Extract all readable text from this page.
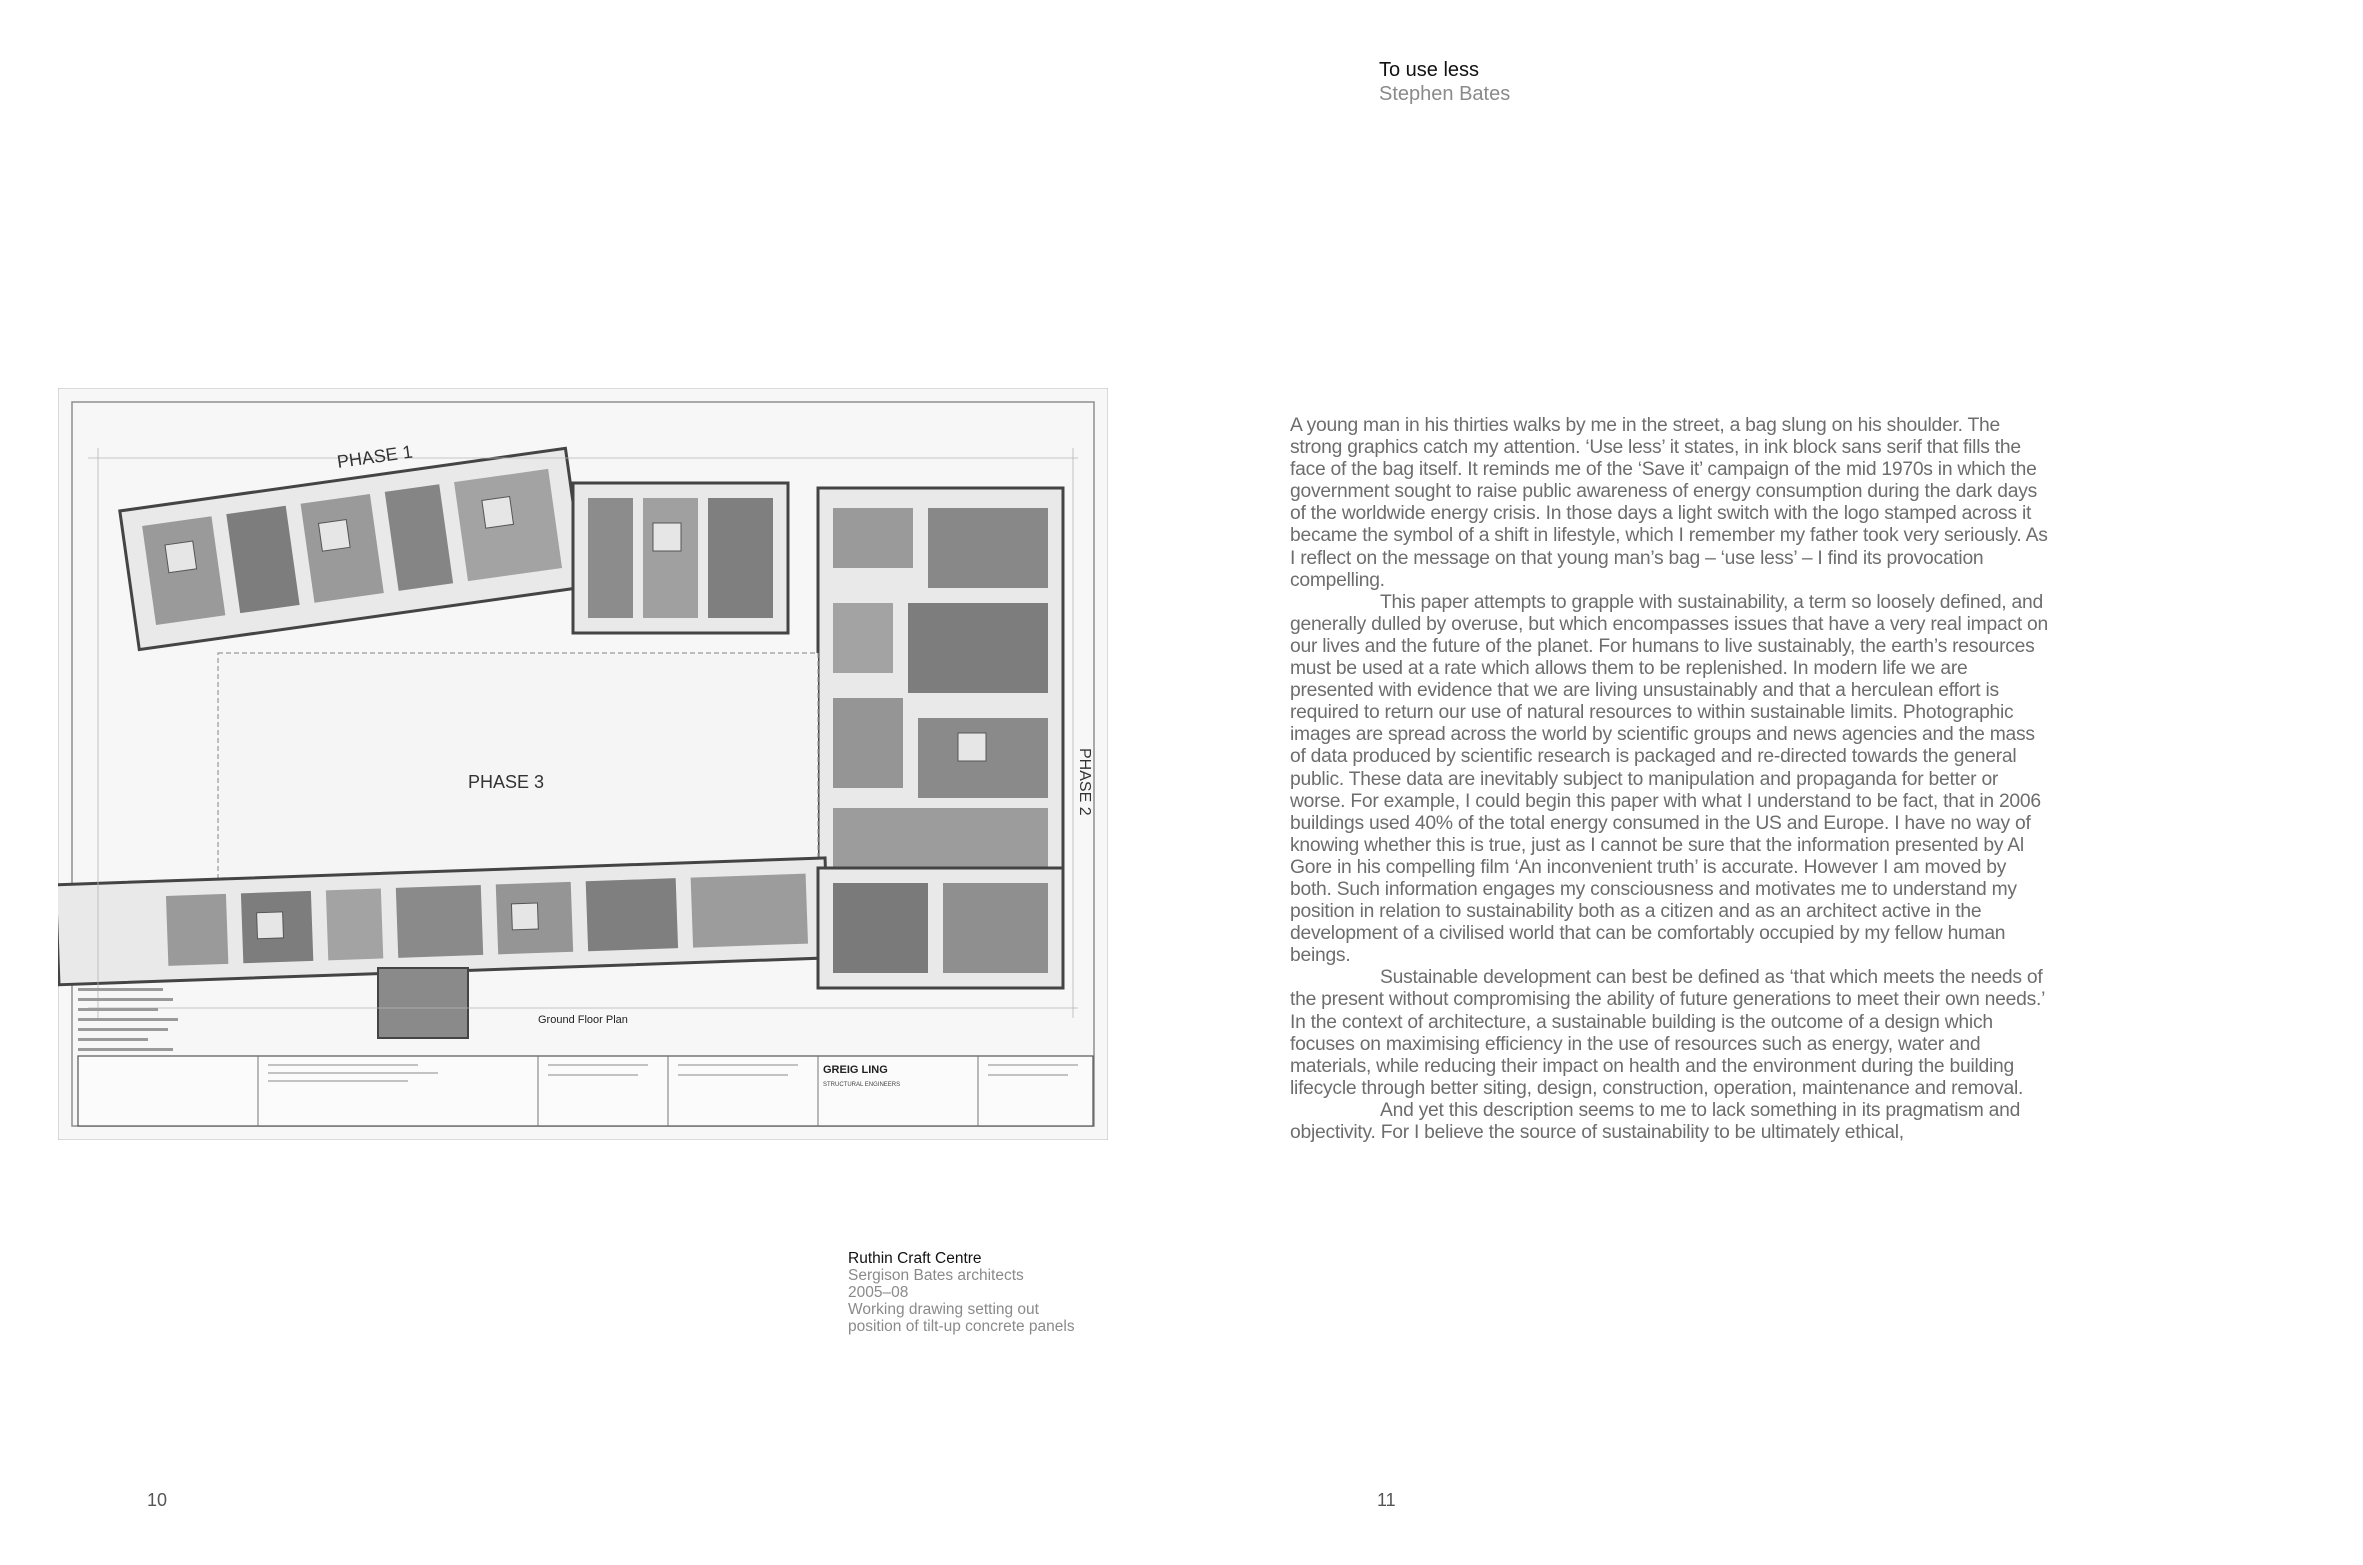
To use less
Stephen Bates

A young man in his thirties walks by me in the street, a bag slung on his shoulder. The strong graphics catch my attention. ‘Use less’ it states, in ink block sans serif that fills the face of the bag itself. It reminds me of the ‘Save it’ campaign of the mid 1970s in which the government sought to raise public awareness of energy consumption during the dark days of the worldwide energy crisis. In those days a light switch with the logo stamped across it became the symbol of a shift in lifestyle, which I remember my father took very seriously. As I reflect on the message on that young man’s bag – ‘use less’ – I find its provocation compelling.

This paper attempts to grapple with sustainability, a term so loosely defined, and generally dulled by overuse, but which encompasses issues that have a very real impact on our lives and the future of the planet. For humans to live sustainably, the earth’s resources must be used at a rate which allows them to be replenished. In modern life we are presented with evidence that we are living unsustainably and that a herculean effort is required to return our use of natural resources to within sustainable limits. Photographic images are spread across the world by scientific groups and news agencies and the mass of data produced by scientific research is packaged and re-directed towards the general public. These data are inevitably subject to manipulation and propaganda for better or worse. For example, I could begin this paper with what I understand to be fact, that in 2006 buildings used 40% of the total energy consumed in the US and Europe. I have no way of knowing whether this is true, just as I cannot be sure that the information presented by Al Gore in his compelling film ‘An inconvenient truth’ is accurate. However I am moved by both. Such information engages my consciousness and motivates me to understand my position in relation to sustainability both as a citizen and as an architect active in the development of a civilised world that can be comfortably occupied by my fellow human beings.

Sustainable development can best be defined as ‘that which meets the needs of the present without compromising the ability of future generations to meet their own needs.’ In the context of architecture, a sustainable building is the outcome of a design which focuses on maximising efficiency in the use of resources such as energy, water and materials, while reducing their impact on health and the environment during the building lifecycle through better siting, design, construction, operation, maintenance and removal.

And yet this description seems to me to lack something in its pragmatism and objectivity. For I believe the source of sustainability to be ultimately ethical,

PHASE 1
PHASE 3	PHASE 2
Ground Floor Plan
GREIG LING
STRUCTURAL ENGINEERS
Ruthin Craft Centre
Sergison Bates architects
2005–08
Working drawing setting out
position of tilt-up concrete panels
10	11
